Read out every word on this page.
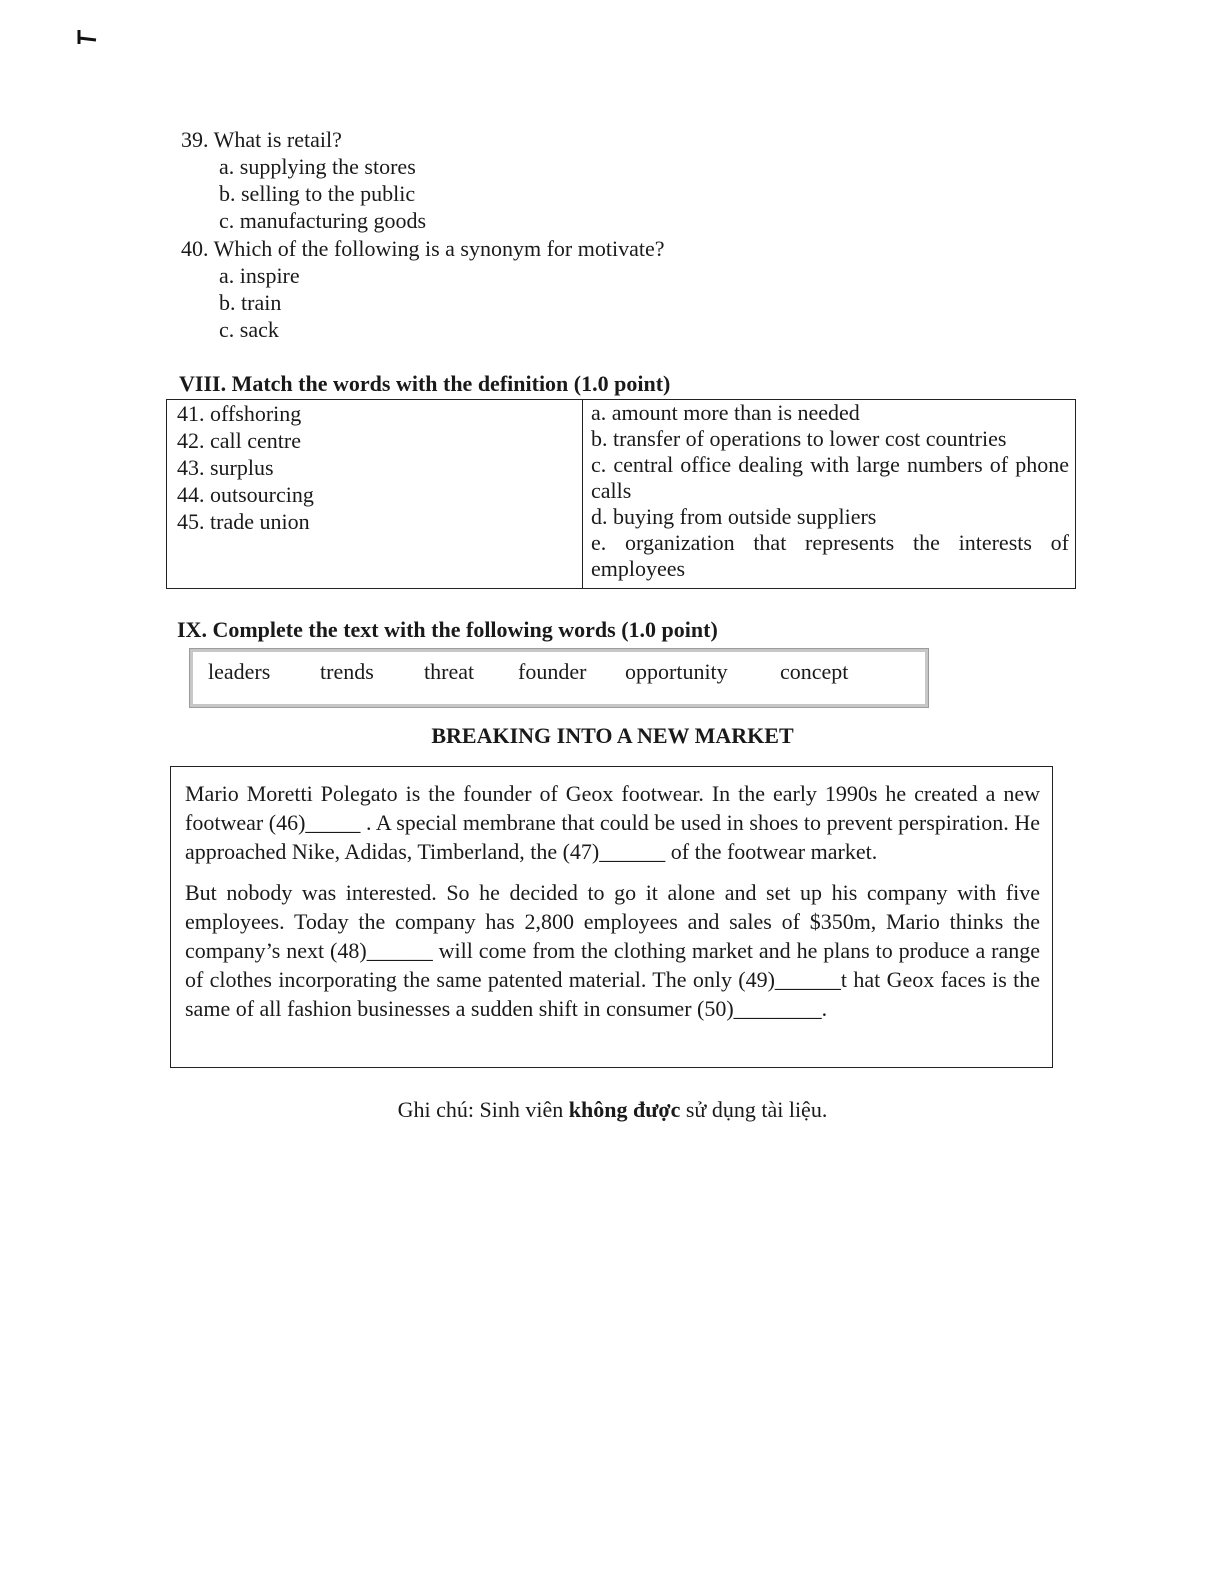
39. What is retail?

a. supplying the stores

b. selling to the public

c. manufacturing goods

40. Which of the following is a synonym for motivate?

a. inspire

b. train

c. sack

VIII. Match the words with the definition (1.0 point)
41. offshoring
42. call centre
43. surplus
44. outsourcing
45. trade union
a. amount more than is needed
b. transfer of operations to lower cost countries
c. central office dealing with large numbers of phone calls
d. buying from outside suppliers
e. organization that represents the interests of employees
IX. Complete the text with the following words (1.0 point)
leaders trends threat founder opportunity concept
BREAKING INTO A NEW MARKET

Mario Moretti Polegato is the founder of Geox footwear. In the early 1990s he created a new footwear (46)_____ . A special membrane that could be used in shoes to prevent perspiration. He approached Nike, Adidas, Timberland, the (47)______ of the footwear market.

But nobody was interested. So he decided to go it alone and set up his company with five employees. Today the company has 2,800 employees and sales of $350m, Mario thinks the company’s next (48)______ will come from the clothing market and he plans to produce a range of clothes incorporating the same patented material. The only (49)______t hat Geox faces is the same of all fashion businesses a sudden shift in consumer (50)________.

Ghi chú: Sinh viên không được sử dụng tài liệu.
